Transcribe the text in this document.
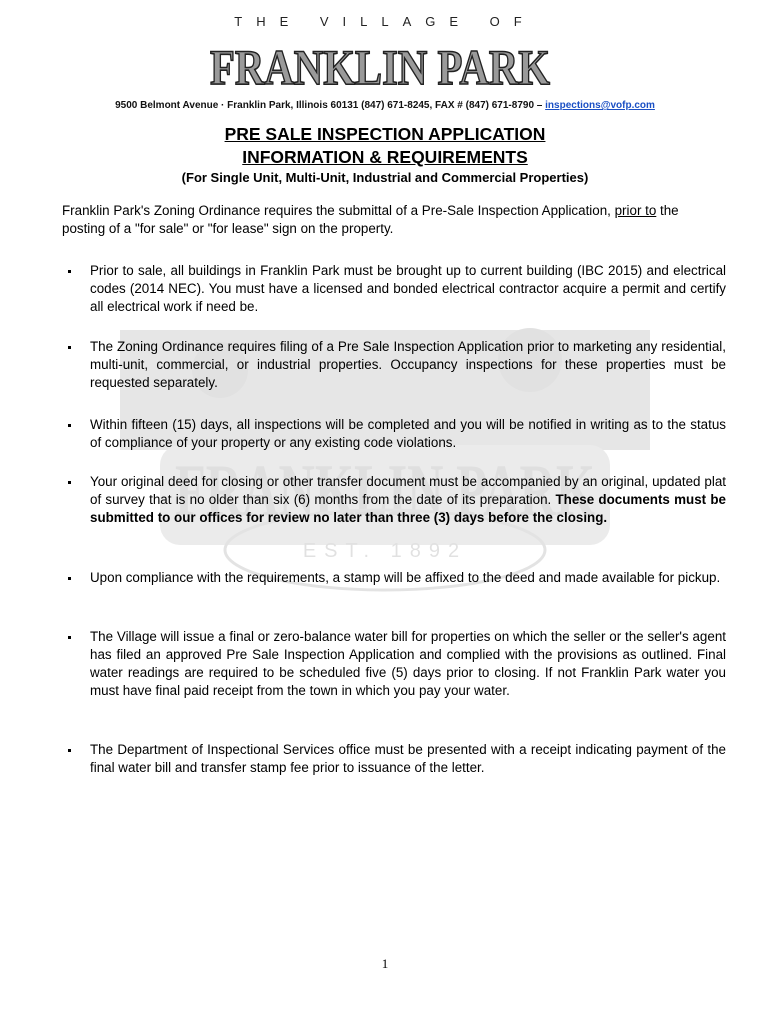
THE VILLAGE OF
FRANKLIN PARK
9500 Belmont Avenue · Franklin Park, Illinois 60131 (847) 671-8245, FAX # (847) 671-8790 – inspections@vofp.com
FRANKLIN PARK
EST. 1892
PRE SALE INSPECTION APPLICATION
INFORMATION & REQUIREMENTS
(For Single Unit, Multi-Unit, Industrial and Commercial Properties)
Franklin Park's Zoning Ordinance requires the submittal of a Pre-Sale Inspection Application, prior to the posting of a "for sale" or "for lease" sign on the property.
Prior to sale, all buildings in Franklin Park must be brought up to current building (IBC 2015) and electrical codes (2014 NEC). You must have a licensed and bonded electrical contractor acquire a permit and certify all electrical work if need be.
The Zoning Ordinance requires filing of a Pre Sale Inspection Application prior to marketing any residential, multi-unit, commercial, or industrial properties. Occupancy inspections for these properties must be requested separately.
Within fifteen (15) days, all inspections will be completed and you will be notified in writing as to the status of compliance of your property or any existing code violations.
Your original deed for closing or other transfer document must be accompanied by an original, updated plat of survey that is no older than six (6) months from the date of its preparation. These documents must be submitted to our offices for review no later than three (3) days before the closing.
Upon compliance with the requirements, a stamp will be affixed to the deed and made available for pickup.
The Village will issue a final or zero-balance water bill for properties on which the seller or the seller's agent has filed an approved Pre Sale Inspection Application and complied with the provisions as outlined. Final water readings are required to be scheduled five (5) days prior to closing. If not Franklin Park water you must have final paid receipt from the town in which you pay your water.
The Department of Inspectional Services office must be presented with a receipt indicating payment of the final water bill and transfer stamp fee prior to issuance of the letter.
1
